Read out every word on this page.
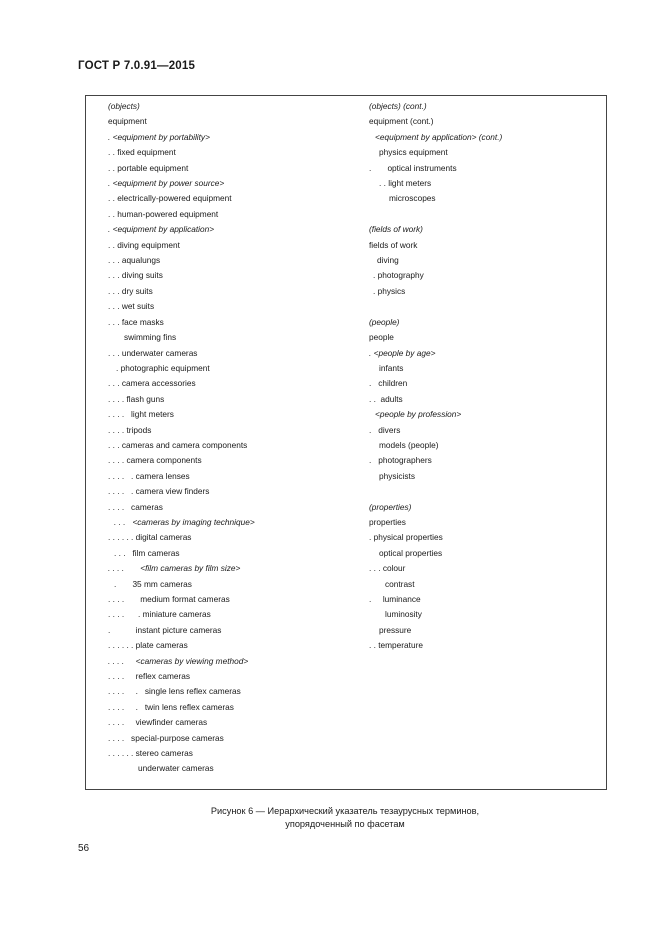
ГОСТ Р 7.0.91—2015
(objects)
equipment
. <equipment by portability>
. . fixed equipment
. . portable equipment
. <equipment by power source>
. . electrically-powered equipment
. . human-powered equipment
. <equipment by application>
. . diving equipment
. . . aqualungs
. . . diving suits
. . . dry suits
. . . wet suits
. . . face masks
swimming fins
. . . underwater cameras
. photographic equipment
. . . camera accessories
. . . . flash guns
. . . .   light meters
. . . . tripods
. . . cameras and camera components
. . . . camera components
. . . .   . camera lenses
. . . .   . camera view finders
. . . .   cameras
. . .   <cameras by imaging technique>
. . . . . . digital cameras
. . .   film cameras
. . . .       <film cameras by film size>
.       35 mm cameras
. . . .       medium format cameras
. . . .      . miniature cameras
.           instant picture cameras
. . . . . . plate cameras
. . . .     <cameras by viewing method>
. . . .     reflex cameras
. . . .     .   single lens reflex cameras
. . . .     .   twin lens reflex cameras
. . . .     viewfinder cameras
. . . .   special-purpose cameras
. . . . . . stereo cameras
underwater cameras
(objects) (cont.)
equipment (cont.)
<equipment by application> (cont.)
physics equipment
.       optical instruments
. . light meters
microscopes
(fields of work)
fields of work
diving
. photography
. physics
(people)
people
. <people by age>
infants
.   children
. .  adults
<people by profession>
.   divers
models (people)
.   photographers
physicists
(properties)
properties
. physical properties
optical properties
. . . colour
contrast
.     luminance
luminosity
pressure
. . temperature
Рисунок 6 — Иерархический указатель тезаурусных терминов,
упорядоченный по фасетам
56
